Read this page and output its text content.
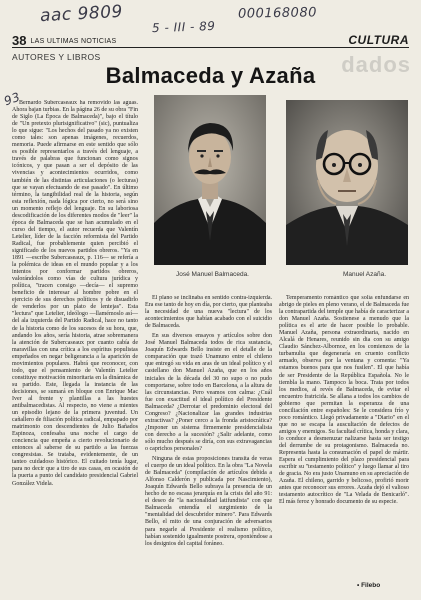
aac 9809
5 - III - 89
000168080
93
38 LAS ULTIMAS NOTICIAS	CULTURA
dados
AUTORES Y LIBROS
Balmaceda y Azaña

Bernardo Subercaseaux ha removido las aguas. Ahora bajan turbias. En la página 26 de su obra "Fin de Siglo (La Época de Balmaceda)", bajo el título de "Un pretexto plurisignificativo" (sic), puntualiza lo que sigue: "Los hechos del pasado ya no existen como tales: son apenas imágenes, recuerdos, memoria. Puede afirmarse en este sentido que sólo es posible representarlos a través del lenguaje, a través de palabras que funcionan como signos icónicos, y que pasan a ser el depósito de las vivencias y acontecimientos ocurridos, como también de las distintas articulaciones (o lecturas) que se vayan efectuando de ese pasado". En último término, la tangibilidad real de la historia, según esta reflexión, nada lógica por cierto, no será sino un momento reflejo del lenguaje. En su laboriosa descodificación de los diferentes modos de "leer" la época de Balmaceda que se han acumulado en el curso del tiempo, el autor recuerda que Valentín Letelier, líder de la facción reformista del Partido Radical, fue probablemente quien percibió el significado de los nuevos partidos obreros. "Ya en 1891 —escribe Subercaseaux, p. 116— se refería a la polémica de ideas en el mundo popular y a los intentos por conformar partidos obreros, valorándolos como vías de cultura jurídica y política, "tracen consigo —decía— el supremo beneficio de interesar al hombre pobre en el ejercicio de sus derechos políticos y de disuadirlo de venderlos por un plato de lentejas". Esta "lectura" que Letelier, ideólogo —llamémoslo así— del ala izquierda del Partido Radical, hace no tanto de la historia como de los sucesos de su hora, que, andando los años, sería historia, atrae sobremanera la atención de Subercaseaux por cuanto cabía de maravillas con una crítica a los espíritus populistas empeñados en negar beligerancia a la aparición de movimientos populares. Habrá que reconocer, con todo, que el pensamiento de Valentín Letelier constituye motivación minoritaria en la dinámica de su partido. Este, llegada la instancia de las decisiones, se sumará en bloque con Enrique Mac Iver al frente y plantillas a las huestes antibalmacedistas. Al respecto, no viene a mientes un episodio lejano de la primera juventud. Un cañallero de filiación política radical, empapado por matrimonio con descendientes de Julio Bañados Espinoza, confesaba una noche el cargo de conciencia que empeña a cierto revolucionario de entonces al saberse de su partido a las fuerzas congresistas. Se trataba, evidentemente, de un tanteo cuidadoso histórico. El cuitado tenía lugar, para no decir que a tiro de sus casas, en ocasión de la puerta a punto del candidato presidencial Gabriel González Videla.

José Manuel Balmaceda.	Manuel Azaña.

El plano se inclinaba en sentido contra-izquierda. Era ese tanto de hoy en día, por cierto, que planteaba la necesidad de una nueva "lectura" de los acontecimientos que habían acabado con el suicidio de Balmaceda.

En sus diversos ensayos y artículos sobre don José Manuel Balmaceda todos de rica sustancia, Joaquín Edwards Bello insiste en el detalle de la comparación que trazó Unamuno entre el chileno que entregó su vida en aras de un ideal político y el castellano don Manuel Azaña, que en los años iniciales de la década del 30 no supo o no pudo comportarse, sobre todo en Barcelona, a la altura de las circunstancias. Pero veamos con calma: ¿Cuál fue con exactitud el ideal político del Presidente Balmaceda? ¿Derrotar el predominio electoral del Congreso? ¿Nacionalizar las grandes industrias extractivas? ¿Poner cerco a la fronda aristocrática? ¿Imponer un sistema firmemente presidencialista con derecho a la sucesión? ¿Salir adelante, como sólo mucho después se diría, con sus extravagancias o caprichos personales?

Ninguna de estas proposiciones transita de veras el cuerpo de un ideal político. En la obra "La Novela de Balmaceda" (compilación de artículos debida a Alfonso Calderón y publicada por Nascimiento), Joaquín Edwards Bello subraya la presencia de un hecho de no escasa jerarquía en la crisis del año 91: el deseo de "la nacionalidad latifundista" con que Balmaceda entendía el surgimiento de la "mentalidad del descubridor minero". Para Edwards Bello, el mito de una conjuración de adversarios para negarle al Presidente el realismo político, habían sostenido igualmente postrera, oponiéndose a los designios del capital foráneo.

Temperamento romántico que solía enfundarse en abrigo de pieles en pleno verano, el de Balmaceda fue la contrapartida del temple que había de caracterizar a don Manuel Azaña. Sostienese a menudo que la política es el arte de hacer posible lo probable. Manuel Azaña, persona extraordinaria, nacido en Alcalá de Henares, reunido sin dia con su amigo Claudio Sánchez-Albornoz, en los comienzos de la turbamulta que degeneraría en cruento conflicto armado, observa por la ventana y comenta: "Ya estamos buenos para que nos fusilen". El que había de ser Presidente de la República Española. No le tiembla la mano. Tampoco la boca. Trata por todos los medios, al revés de Balmaceda, de evitar el encuentro fratricida. Se allana a todos los cambios de gobierno que permitan la esperanza de una conciliación entre españoles: Se le considera frío y poco romántico. Llegó privadamente a "Diario" en el que no se escapa la auscultación de defectos de amigos y enemigos. Su facultad crítica, honda y clara, lo conduce a desmenuzar nalizarse hasta ser testigo del derrumbe de su protagonismo. Balmaceda no. Representa hasta la consumación el papel de mártir. Espera el cumplimiento del plazo presidencial para escribir su "testamento político" y luego llamar al tiro de gracia. No era justo Unamuno en su apreciación de Azaña. El chileno, garrido y belicoso, profirió morir antes que reconocer sus errores. Azaña dejó el valioso testamento autocrítico de "La Velada de Benicarló". El más feroz y honrado documento de su especie.

• Filebo
